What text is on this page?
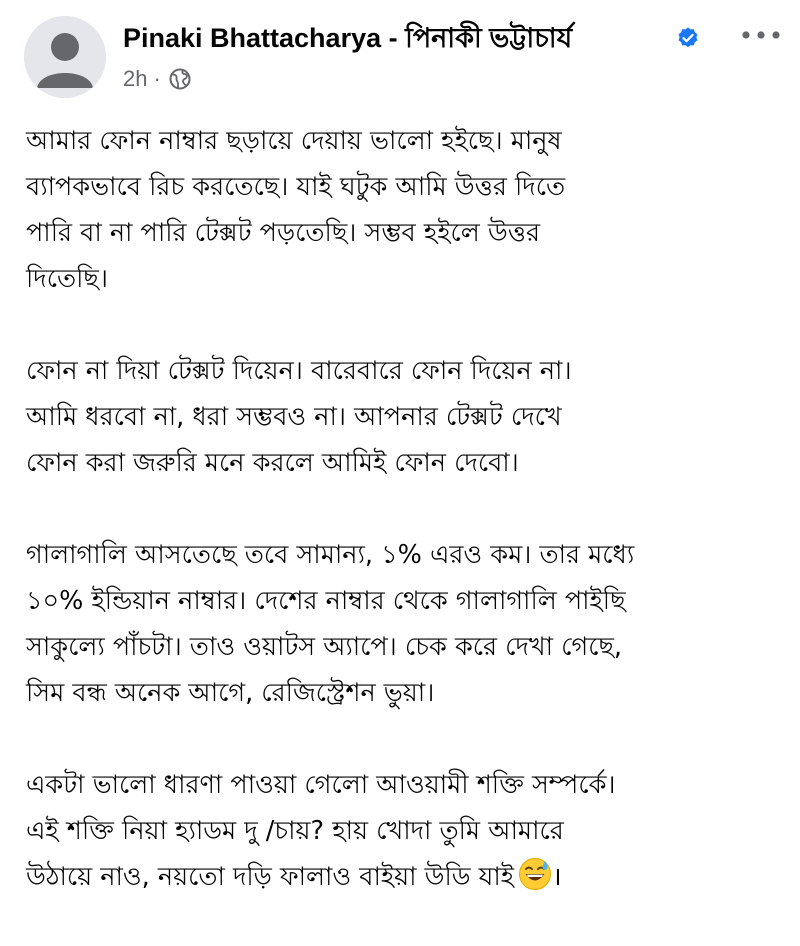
Pinaki Bhattacharya - পিনাকী ভট্টাচার্য
2h ·
আমার ফোন নাম্বার ছড়ায়ে দেয়ায় ভালো হইছে। মানুষ
ব্যাপকভাবে রিচ করতেছে। যাই ঘটুক আমি উত্তর দিতে
পারি বা না পারি টেক্সট পড়তেছি। সম্ভব হইলে উত্তর
দিতেছি।
ফোন না দিয়া টেক্সট দিয়েন। বারেবারে ফোন দিয়েন না।
আমি ধরবো না, ধরা সম্ভবও না। আপনার টেক্সট দেখে
ফোন করা জরুরি মনে করলে আমিই ফোন দেবো।
গালাগালি আসতেছে তবে সামান্য, ১% এরও কম। তার মধ্যে
১০% ইন্ডিয়ান নাম্বার। দেশের নাম্বার থেকে গালাগালি পাইছি
সাকুল্যে পাঁচটা। তাও ওয়াটস অ্যাপে। চেক করে দেখা গেছে,
সিম বন্ধ অনেক আগে, রেজিস্ট্রেশন ভুয়া।
একটা ভালো ধারণা পাওয়া গেলো আওয়ামী শক্তি সম্পর্কে।
এই শক্তি নিয়া হ্যাডম দু /চায়? হায় খোদা তুমি আমারে
উঠায়ে নাও, নয়তো দড়ি ফালাও বাইয়া উডি যাই ।
